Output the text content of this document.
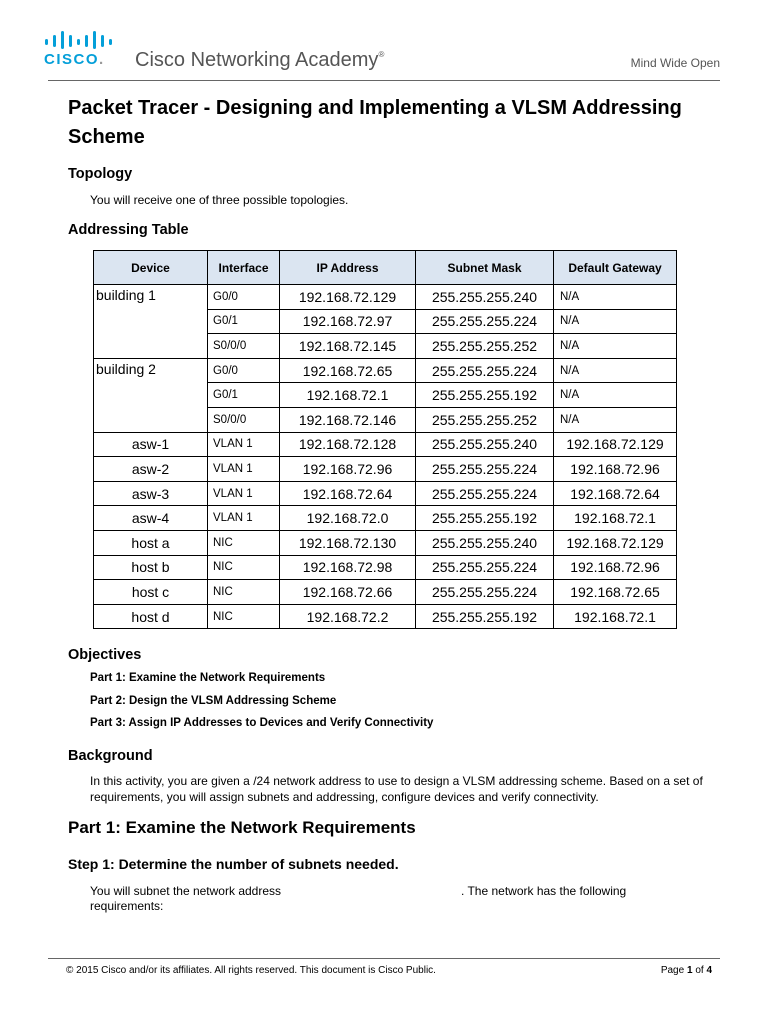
CISCO. Cisco Networking Academy®
Mind Wide Open
Packet Tracer - Designing and Implementing a VLSM Addressing Scheme
Topology
You will receive one of three possible topologies.
Addressing Table
Device	Interface	IP Address	Subnet Mask	Default Gateway
building 1	G0/0	192.168.72.129	255.255.255.240	N/A
	G0/1	192.168.72.97	255.255.255.224	N/A
	S0/0/0	192.168.72.145	255.255.255.252	N/A
building 2	G0/0	192.168.72.65	255.255.255.224	N/A
	G0/1	192.168.72.1	255.255.255.192	N/A
	S0/0/0	192.168.72.146	255.255.255.252	N/A
asw-1	VLAN 1	192.168.72.128	255.255.255.240	192.168.72.129
asw-2	VLAN 1	192.168.72.96	255.255.255.224	192.168.72.96
asw-3	VLAN 1	192.168.72.64	255.255.255.224	192.168.72.64
asw-4	VLAN 1	192.168.72.0	255.255.255.192	192.168.72.1
host a	NIC	192.168.72.130	255.255.255.240	192.168.72.129
host b	NIC	192.168.72.98	255.255.255.224	192.168.72.96
host c	NIC	192.168.72.66	255.255.255.224	192.168.72.65
host d	NIC	192.168.72.2	255.255.255.192	192.168.72.1
Objectives
Part 1: Examine the Network Requirements
Part 2: Design the VLSM Addressing Scheme
Part 3: Assign IP Addresses to Devices and Verify Connectivity
Background
In this activity, you are given a /24 network address to use to design a VLSM addressing scheme. Based on a set of requirements, you will assign subnets and addressing, configure devices and verify connectivity.
Part 1: Examine the Network Requirements
Step 1: Determine the number of subnets needed.
You will subnet the network address	. The network has the following requirements:
© 2015 Cisco and/or its affiliates. All rights reserved. This document is Cisco Public.	Page 1 of 4
